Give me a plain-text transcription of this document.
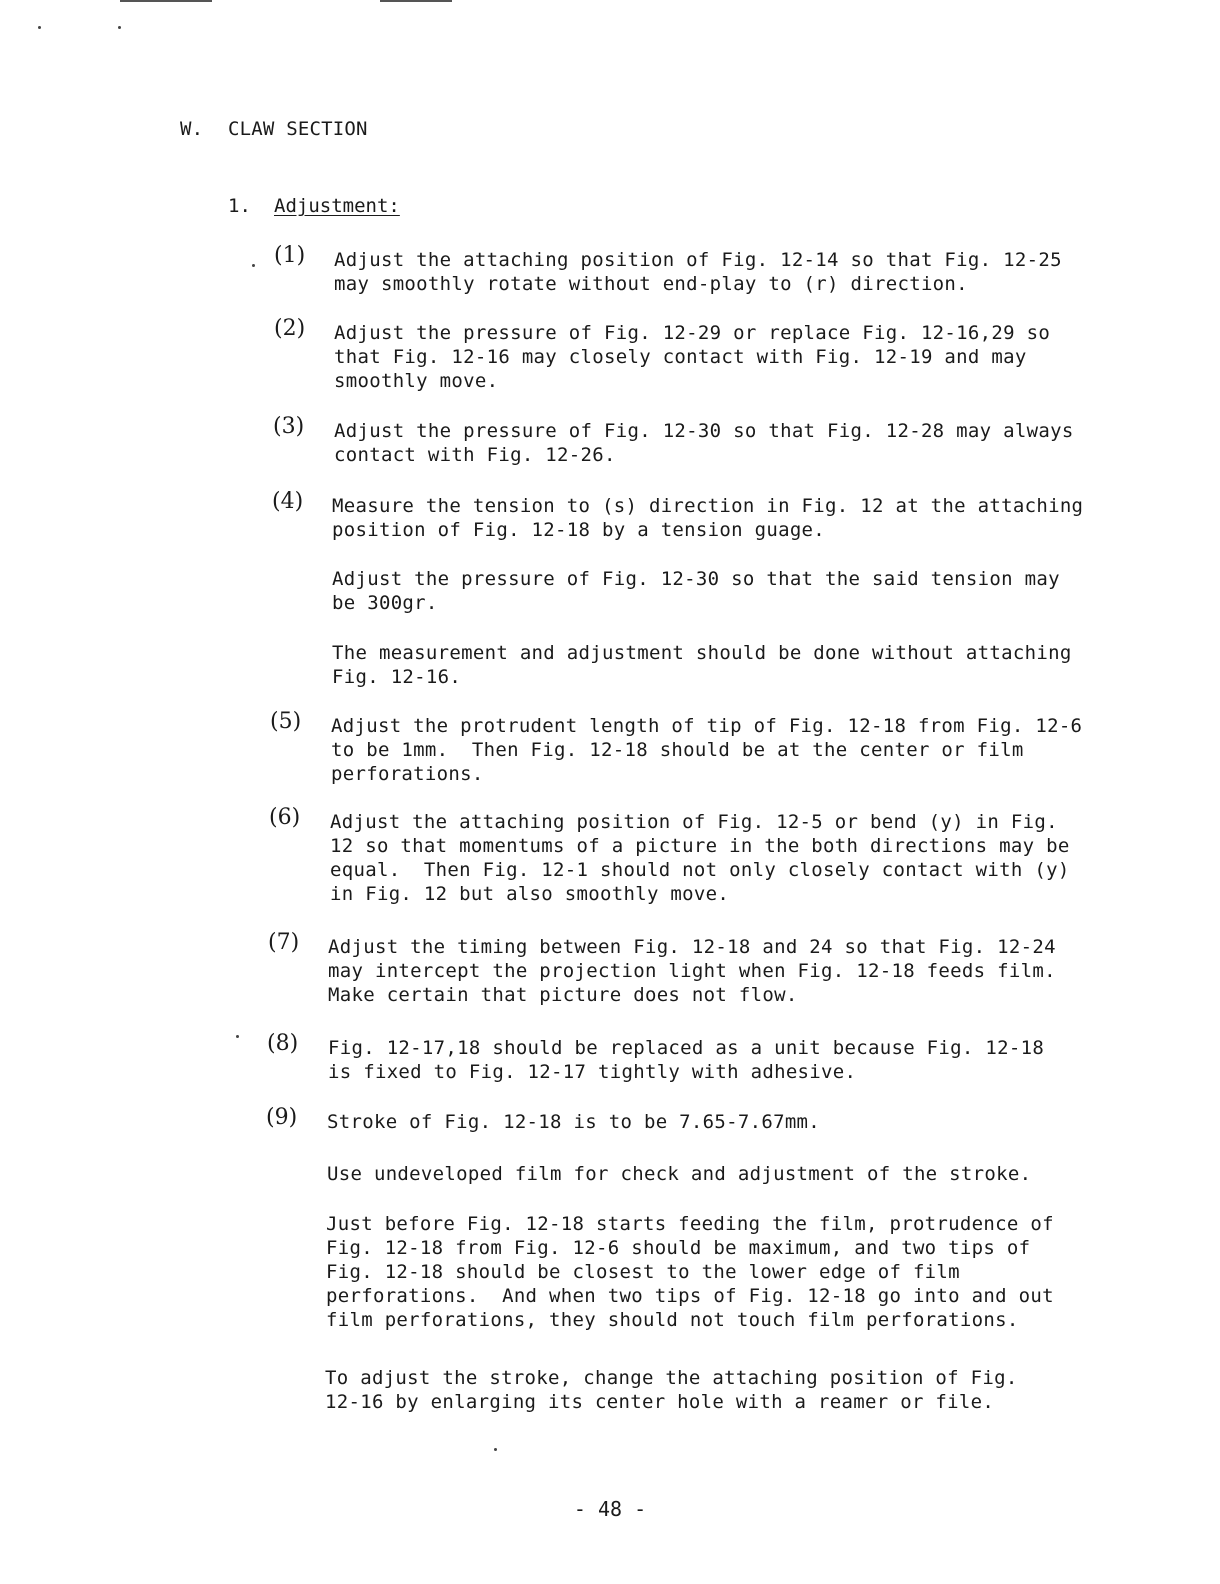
W. CLAW SECTION
1. Adjustment:
(1) Adjust the attaching position of Fig. 12-14 so that Fig. 12-25
may smoothly rotate without end-play to (r) direction.
(2) Adjust the pressure of Fig. 12-29 or replace Fig. 12-16,29 so
that Fig. 12-16 may closely contact with Fig. 12-19 and may
smoothly move.
(3) Adjust the pressure of Fig. 12-30 so that Fig. 12-28 may always
contact with Fig. 12-26.
(4) Measure the tension to (s) direction in Fig. 12 at the attaching
position of Fig. 12-18 by a tension guage.
Adjust the pressure of Fig. 12-30 so that the said tension may
be 300gr.
The measurement and adjustment should be done without attaching
Fig. 12-16.
(5) Adjust the protrudent length of tip of Fig. 12-18 from Fig. 12-6
to be 1mm.  Then Fig. 12-18 should be at the center or film
perforations.
(6) Adjust the attaching position of Fig. 12-5 or bend (y) in Fig.
12 so that momentums of a picture in the both directions may be
equal.  Then Fig. 12-1 should not only closely contact with (y)
in Fig. 12 but also smoothly move.
(7) Adjust the timing between Fig. 12-18 and 24 so that Fig. 12-24
may intercept the projection light when Fig. 12-18 feeds film.
Make certain that picture does not flow.
(8) Fig. 12-17,18 should be replaced as a unit because Fig. 12-18
is fixed to Fig. 12-17 tightly with adhesive.
(9) Stroke of Fig. 12-18 is to be 7.65-7.67mm.
Use undeveloped film for check and adjustment of the stroke.
Just before Fig. 12-18 starts feeding the film, protrudence of
Fig. 12-18 from Fig. 12-6 should be maximum, and two tips of
Fig. 12-18 should be closest to the lower edge of film
perforations.  And when two tips of Fig. 12-18 go into and out
film perforations, they should not touch film perforations.
To adjust the stroke, change the attaching position of Fig.
12-16 by enlarging its center hole with a reamer or file.
- 48 -
